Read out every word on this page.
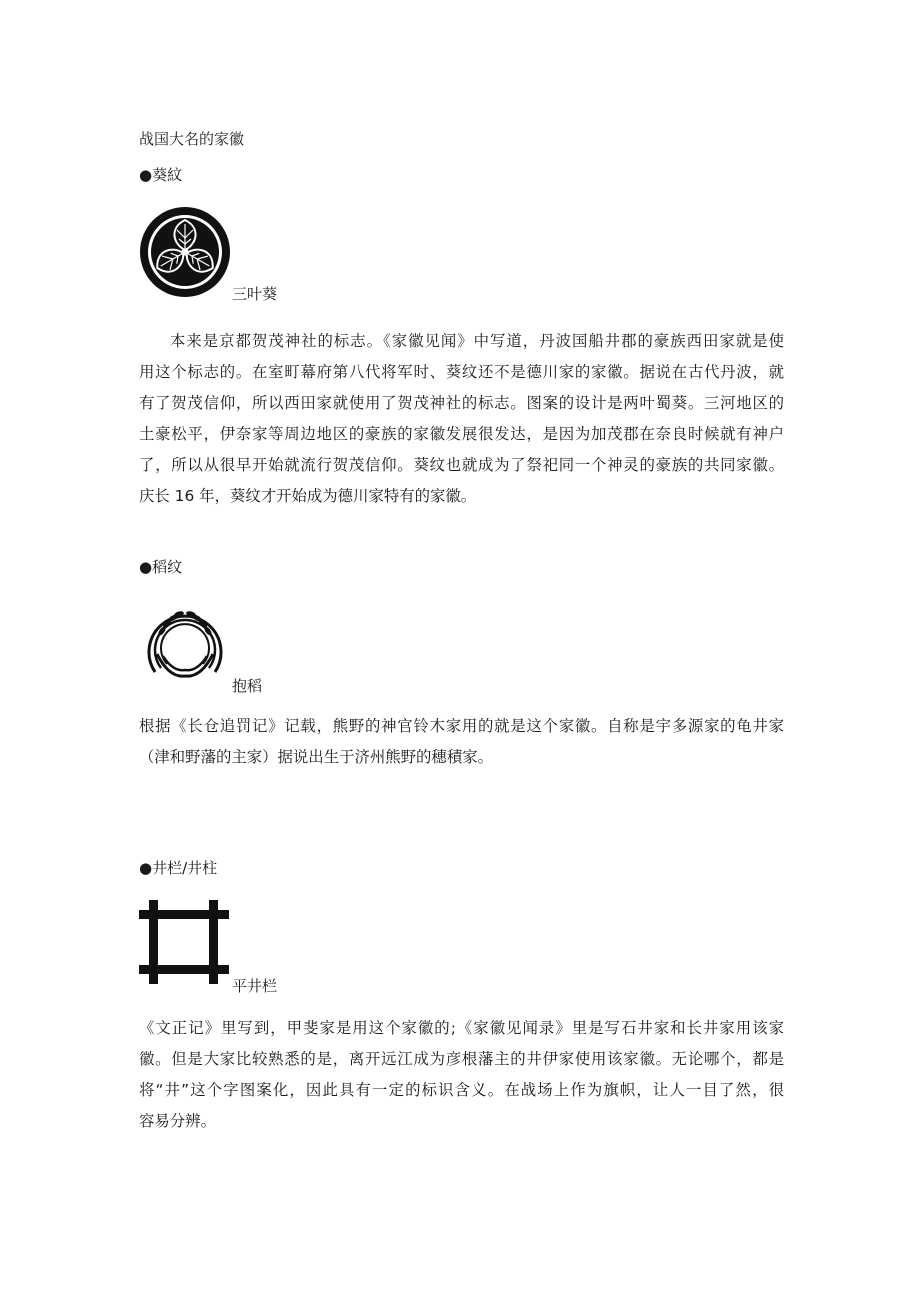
战国大名的家徽
●葵紋
三叶葵
本来是京都贺茂神社的标志。《家徽见闻》中写道，丹波国船井郡的豪族西田家就是使
用这个标志的。在室町幕府第八代将军时、葵纹还不是德川家的家徽。据说在古代丹波，就
有了贺茂信仰，所以西田家就使用了贺茂神社的标志。图案的设计是两叶蜀葵。三河地区的
土豪松平，伊奈家等周边地区的豪族的家徽发展很发达，是因为加茂郡在奈良时候就有神户
了，所以从很早开始就流行贺茂信仰。葵纹也就成为了祭祀同一个神灵的豪族的共同家徽。
庆长 16 年，葵纹才开始成为德川家特有的家徽。
●稻纹
抱稻
根据《长仓追罚记》记载，熊野的神官铃木家用的就是这个家徽。自称是宇多源家的龟井家
（津和野藩的主家）据说出生于济州熊野的穗積家。
●井栏/井柱
平井栏
《文正记》里写到，甲斐家是用这个家徽的;《家徽见闻录》里是写石井家和长井家用该家
徽。但是大家比较熟悉的是，离开远江成为彦根藩主的井伊家使用该家徽。无论哪个，都是
将“井”这个字图案化，因此具有一定的标识含义。在战场上作为旗帜，让人一目了然，很
容易分辨。
